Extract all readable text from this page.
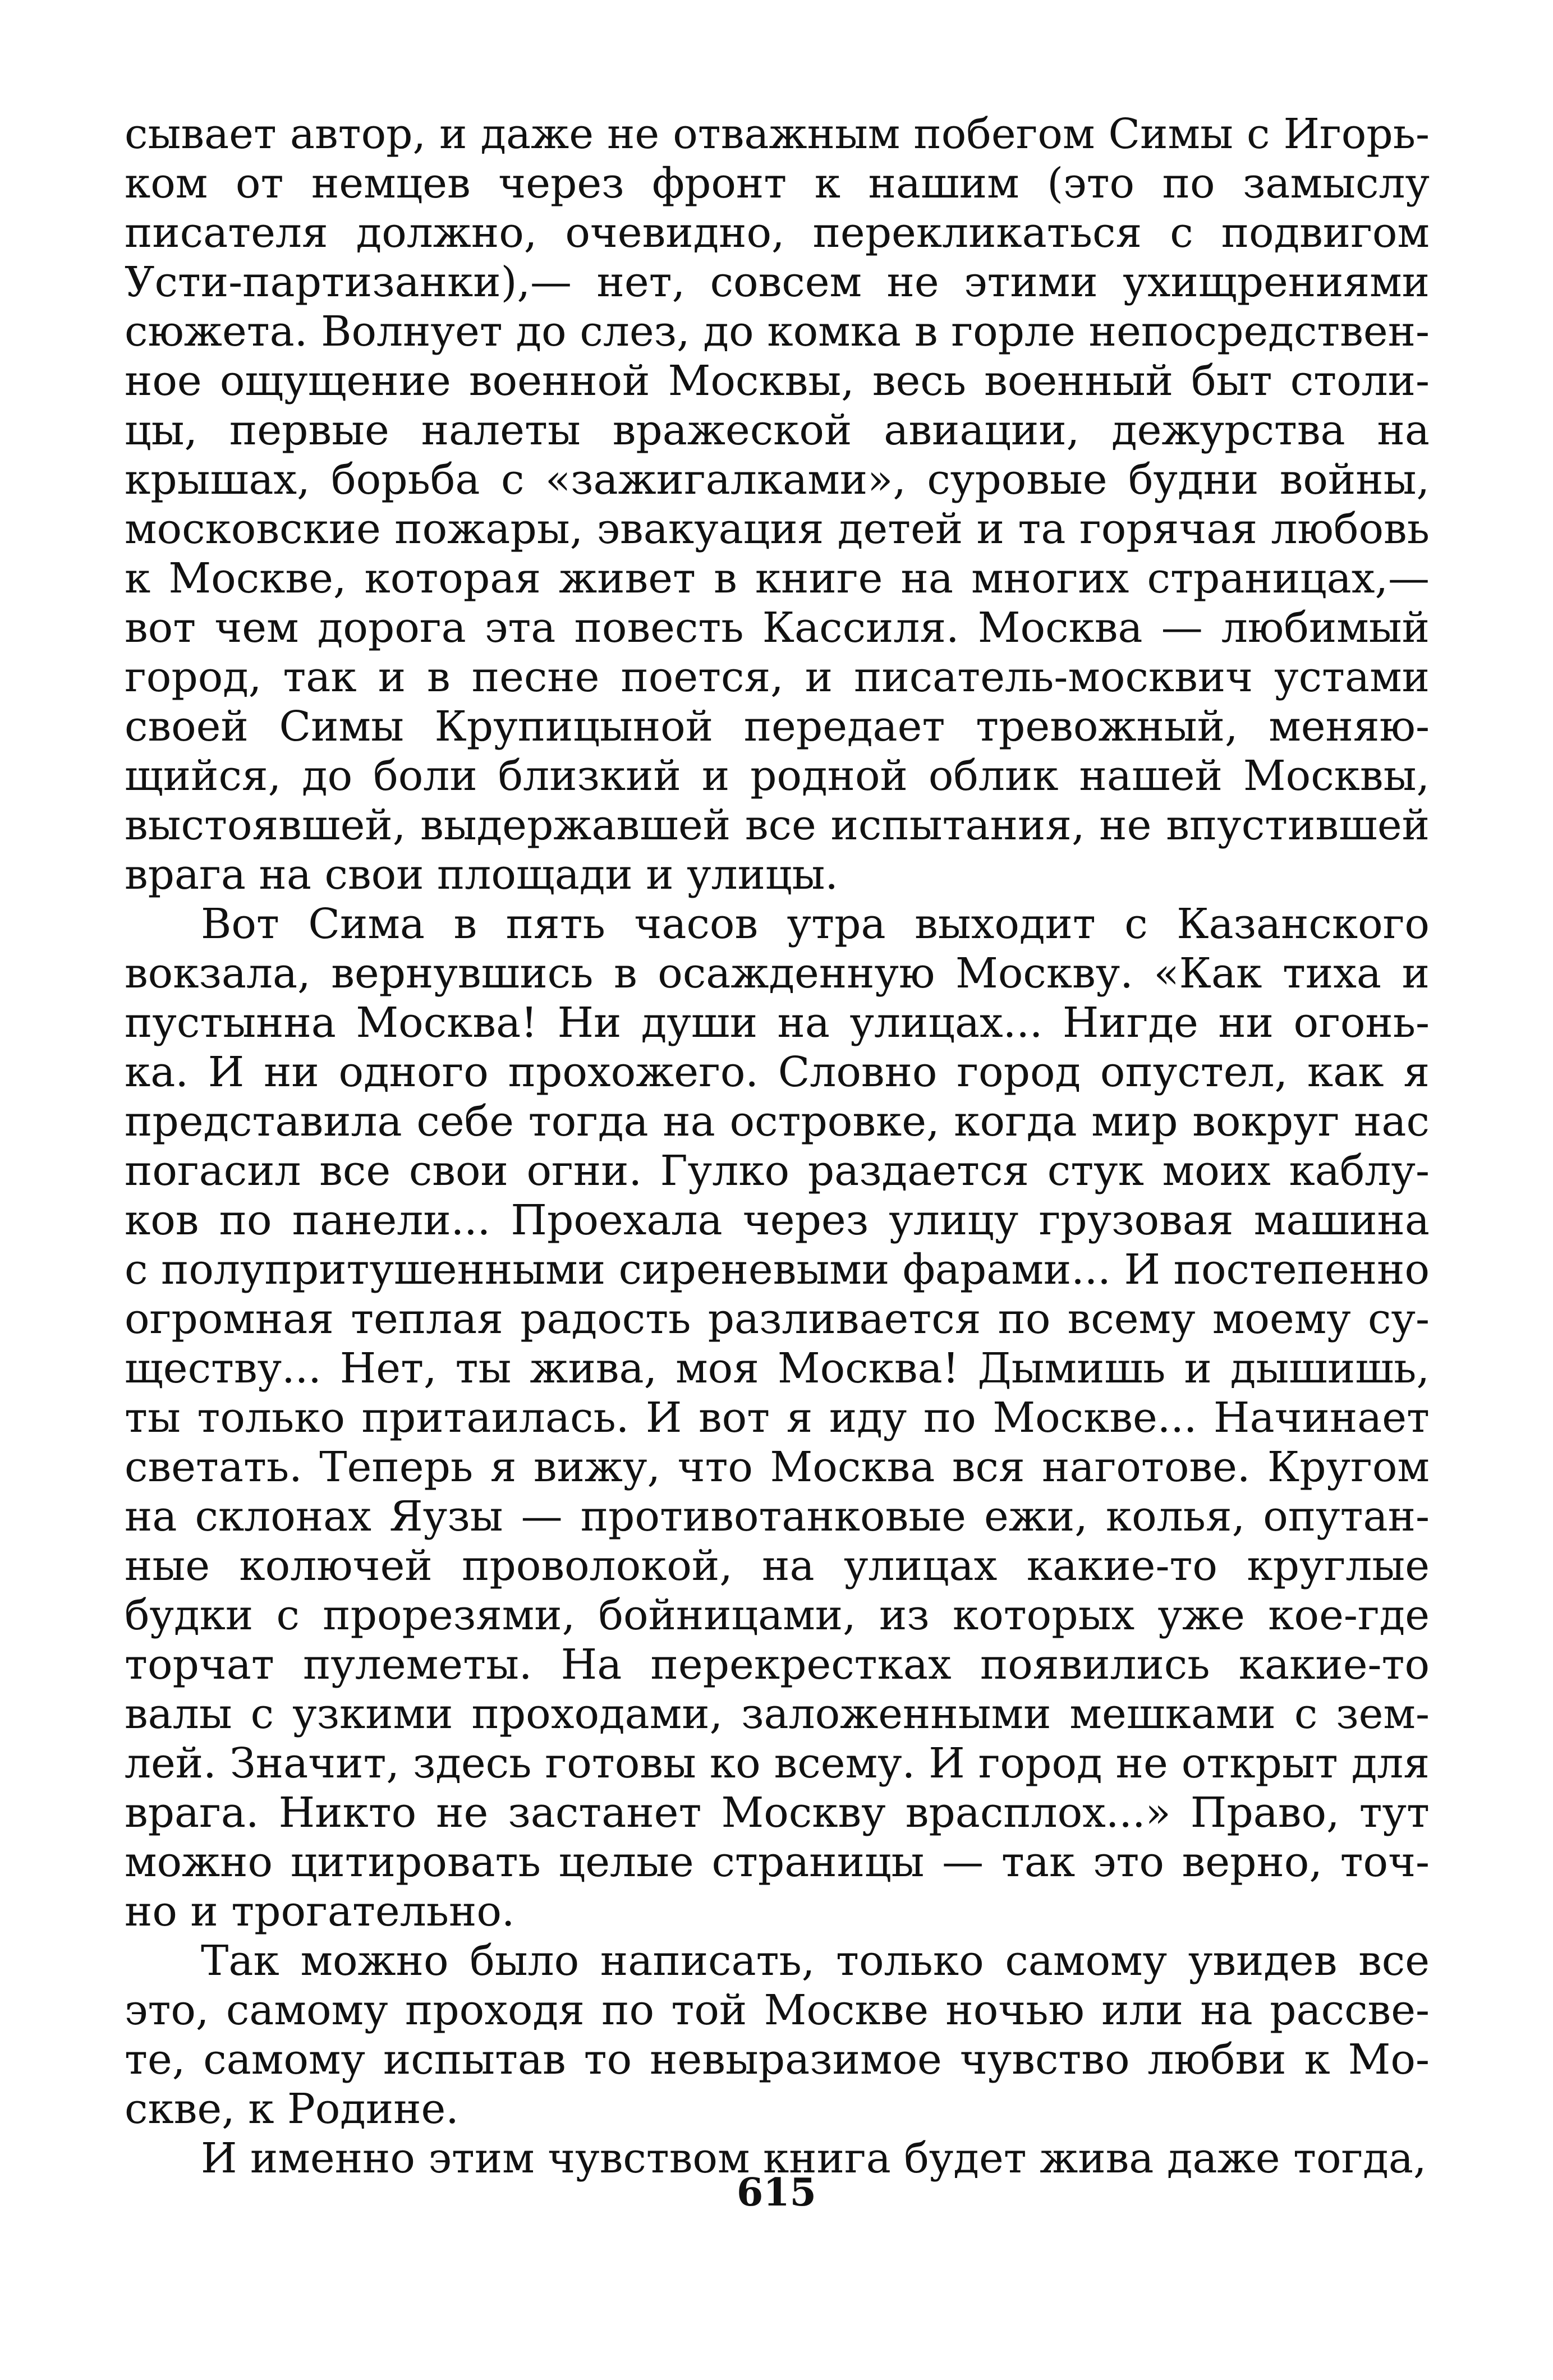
сывает автор, и даже не отважным побегом Симы с Игорь-
ком от немцев через фронт к нашим (это по замыслу
писателя должно, очевидно, перекликаться с подвигом
Усти-партизанки),— нет, совсем не этими ухищрениями
сюжета. Волнует до слез, до комка в горле непосредствен-
ное ощущение военной Москвы, весь военный быт столи-
цы, первые налеты вражеской авиации, дежурства на
крышах, борьба с «зажигалками», суровые будни войны,
московские пожары, эвакуация детей и та горячая любовь
к Москве, которая живет в книге на многих страницах,—
вот чем дорога эта повесть Кассиля. Москва — любимый
город, так и в песне поется, и писатель-москвич устами
своей Симы Крупицыной передает тревожный, меняю-
щийся, до боли близкий и родной облик нашей Москвы,
выстоявшей, выдержавшей все испытания, не впустившей
врага на свои площади и улицы.
Вот Сима в пять часов утра выходит с Казанского
вокзала, вернувшись в осажденную Москву. «Как тиха и
пустынна Москва! Ни души на улицах... Нигде ни огонь-
ка. И ни одного прохожего. Словно город опустел, как я
представила себе тогда на островке, когда мир вокруг нас
погасил все свои огни. Гулко раздается стук моих каблу-
ков по панели... Проехала через улицу грузовая машина
с полупритушенными сиреневыми фарами... И постепенно
огромная теплая радость разливается по всему моему су-
ществу... Нет, ты жива, моя Москва! Дымишь и дышишь,
ты только притаилась. И вот я иду по Москве... Начинает
светать. Теперь я вижу, что Москва вся наготове. Кругом
на склонах Яузы — противотанковые ежи, колья, опутан-
ные колючей проволокой, на улицах какие-то круглые
будки с прорезями, бойницами, из которых уже кое-где
торчат пулеметы. На перекрестках появились какие-то
валы с узкими проходами, заложенными мешками с зем-
лей. Значит, здесь готовы ко всему. И город не открыт для
врага. Никто не застанет Москву врасплох...» Право, тут
можно цитировать целые страницы — так это верно, точ-
но и трогательно.
Так можно было написать, только самому увидев все
это, самому проходя по той Москве ночью или на рассве-
те, самому испытав то невыразимое чувство любви к Мо-
скве, к Родине.
И именно этим чувством книга будет жива даже тогда,
615
